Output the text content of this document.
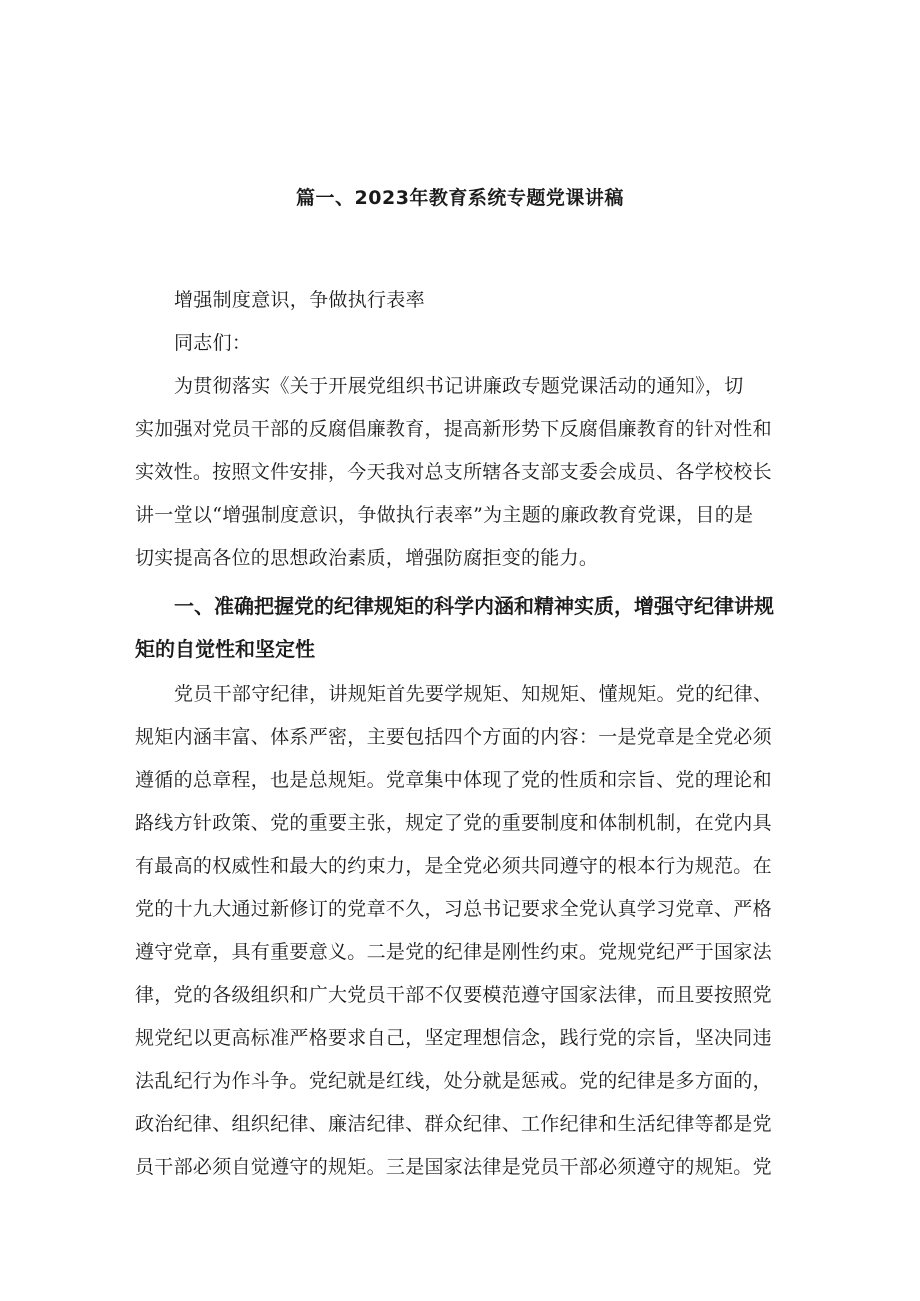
篇一、2023年教育系统专题党课讲稿
增强制度意识，争做执行表率
同志们：
为贯彻落实《关于开展党组织书记讲廉政专题党课活动的通知》，切
实加强对党员干部的反腐倡廉教育，提高新形势下反腐倡廉教育的针对性和
实效性。按照文件安排，今天我对总支所辖各支部支委会成员、各学校校长
讲一堂以“增强制度意识，争做执行表率”为主题的廉政教育党课，目的是
切实提高各位的思想政治素质，增强防腐拒变的能力。
一、准确把握党的纪律规矩的科学内涵和精神实质，增强守纪律讲规
矩的自觉性和坚定性
党员干部守纪律，讲规矩首先要学规矩、知规矩、懂规矩。党的纪律、
规矩内涵丰富、体系严密，主要包括四个方面的内容：一是党章是全党必须
遵循的总章程，也是总规矩。党章集中体现了党的性质和宗旨、党的理论和
路线方针政策、党的重要主张，规定了党的重要制度和体制机制，在党内具
有最高的权威性和最大的约束力，是全党必须共同遵守的根本行为规范。在
党的十九大通过新修订的党章不久，习总书记要求全党认真学习党章、严格
遵守党章，具有重要意义。二是党的纪律是刚性约束。党规党纪严于国家法
律，党的各级组织和广大党员干部不仅要模范遵守国家法律，而且要按照党
规党纪以更高标准严格要求自己，坚定理想信念，践行党的宗旨，坚决同违
法乱纪行为作斗争。党纪就是红线，处分就是惩戒。党的纪律是多方面的，
政治纪律、组织纪律、廉洁纪律、群众纪律、工作纪律和生活纪律等都是党
员干部必须自觉遵守的规矩。三是国家法律是党员干部必须遵守的规矩。党
